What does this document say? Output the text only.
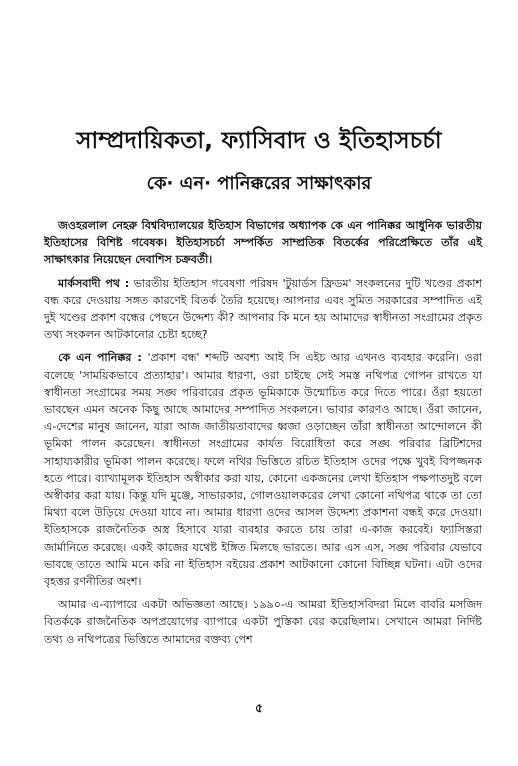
সাম্প্রদায়িকতা, ফ্যাসিবাদ ও ইতিহাসচর্চা
কে· এন· পানিক্করের সাক্ষাৎকার

জওহরলাল নেহরু বিশ্ববিদ্যালয়ের ইতিহাস বিভাগের অধ্যাপক কে এন পানিক্কর আধুনিক ভারতীয় ইতিহাসের বিশিষ্ট গবেষক। ইতিহাসচর্চা সম্পর্কিত সাম্প্রতিক বিতর্কের পরিপ্রেক্ষিতে তাঁর এই সাক্ষাৎকার নিয়েছেন দেবাশিস চক্রবর্তী।

মার্কসবাদী পথ : ভারতীয় ইতিহাস গবেষণা পরিষদ 'টুয়ার্ডস ফ্রিডম' সংকলনের দুটি খণ্ডের প্রকাশ বন্ধ করে দেওয়ায় সঙ্গত কারণেই বিতর্ক তৈরি হয়েছে। আপনার এবং সুমিত সরকারের সম্পাদিত এই দুই খণ্ডের প্রকাশ বন্ধের পেছনে উদ্দেশ্য কী? আপনার কি মনে হয় আমাদের স্বাধীনতা সংগ্রামের প্রকৃত তথ্য সংকলন আটকানোর চেষ্টা হচ্ছে?

কে এন পানিক্কর : 'প্রকাশ বন্ধ' শব্দটি অবশ্য আই সি এইচ আর এখনও ব্যবহার করেনি। ওরা বলেছে 'সাময়িকভাবে প্রত্যাহার'। আমার ধারণা, ওরা চাইছে সেই সমস্ত নথিপত্র গোপন রাখতে যা স্বাধীনতা সংগ্রামের সময় সঙ্ঘ পরিবারের প্রকৃত ভূমিকাকে উন্মোচিত করে দিতে পারে। ওঁরা হয়তো ভাবছেন এমন অনেক কিছু আছে আমাদের সম্পাদিত সংকলনে। ভাবার কারণও আছে। ওঁরা জানেন, এ-দেশের মানুষ জানেন, যারা আজ জাতীয়তাবাদের ধ্বজা ওড়াচ্ছেন তাঁরা স্বাধীনতা আন্দোলনে কী ভূমিকা পালন করেছেন। স্বাধীনতা সংগ্রামের কার্যত বিরোধিতা করে সঙ্ঘ পরিবার ব্রিটিশদের সাহায্যকারীর ভূমিকা পালন করেছে। ফলে নথির ভিত্তিতে রচিত ইতিহাস ওদের পক্ষে খুবই বিপজ্জনক হতে পারে। ব্যাখ্যামূলক ইতিহাস অস্বীকার করা যায়, কোনো একজনের লেখা ইতিহাস পক্ষপাতদুষ্ট বলে অস্বীকার করা যায়। কিন্তু যদি মুঞ্জে, সাভারকার, গোলওয়ালকরের লেখা কোনো নথিপত্র থাকে তা তো মিথ্যা বলে উড়িয়ে দেওয়া যাবে না। আমার ধারণা ওদের আসল উদ্দেশ্য প্রকাশনা বন্ধই করে দেওয়া। ইতিহাসকে রাজনৈতিক অস্ত্র হিসাবে যারা ব্যবহার করতে চায় তারা এ-কাজ করবেই। ফ্যাসিস্তরা জার্মানিতে করেছে। একই কাজের যথেষ্ট ইঙ্গিত মিলছে ভারতে। আর এস এস, সঙ্ঘ পরিবার যেভাবে ভাবছে তাতে আমি মনে করি না ইতিহাস বইয়ের প্রকাশ আটকানো কোনো বিচ্ছিন্ন ঘটনা। এটা ওদের বৃহত্তর রণনীতির অংশ।

আমার এ-ব্যাপারে একটা অভিজ্ঞতা আছে। ১৯৯০-এ আমরা ইতিহাসবিদরা মিলে বাবরি মসজিদ বিতর্ককে রাজনৈতিক অপপ্রয়োগের ব্যাপারে একটা পুস্তিকা বের করেছিলাম। সেখানে আমরা নির্দিষ্ট তথ্য ও নথিপত্রের ভিত্তিতে আমাদের বক্তব্য পেশ

৫
